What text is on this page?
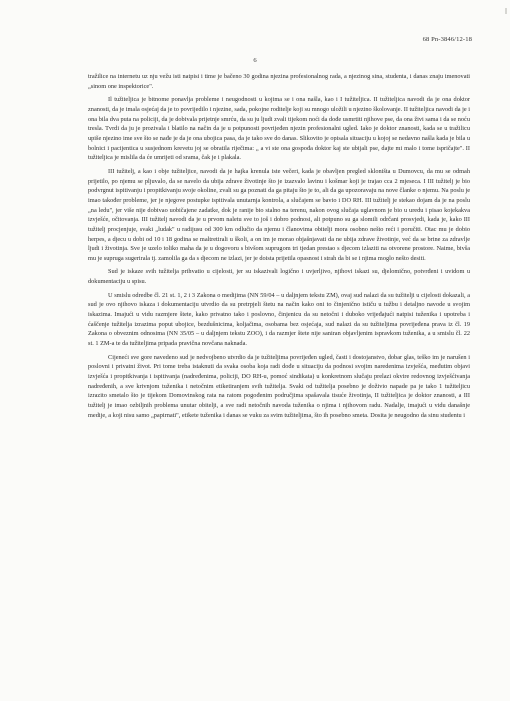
68 Pn-3846/12-18
6

tražilice na internetu uz nju vežu isti natpisi i time je bačeno 30 godina njezina profesionalnog rada, a njezinog sina, studenta, i danas znaju imenovati „sinom one inspektorice".

Il tužiteljica je bitnome ponavlja probleme i neugodnosti u kojima se i ona našla, kao i I tužiteljica. II tužiteljica navodi da je ona doktor znanosti, da je imala osjećaj da je to povrijedilo i njezine, sada, pokojne roditelje koji su mnogo uložili u njezino školovanje. II tužiteljica navodi da je i ona bila dva puta na policiji, da je dobivala prijetnje smrću, da su ju ljudi zvali tijekom noći da dođe usmrtiti njihove pse, da ona živi sama i da se noću tresla. Tvrdi da ju je prozivala i blatilo na način da je u potpunosti povrijeđen njezin profesionalni ugled. Iako je doktor znanosti, kada se u tražilicu upiše njezino ime sve što se nađe je da je ona ubojica pasa, da je tako sve do danas. Slikovito je opisala situaciju u kojoj se nedavno našla kada je bila u bolnici i pacijentica u susjednom krevetu joj se obratila riječima: „ a vi ste ona gospođa doktor kaj ste ubijali pse, dajte mi malo i tome ispričajte". II tužiteljica je mislila da će umrijeti od srama, čak je i plakala.

III tužitelj, a kao i obje tužiteljice, navodi da je hajka krenula iste večeri, kada je obavljen pregled skloništa u Dumovcu, da mu se odmah prijetilo, po njemu se pljuvalo, da se navelo da ubija zdrave životinje što je izazvalo lavinu i košmar koji je trajao cca 2 mjeseca. I III tužitelj je bio podvrgnut ispitivanju i propitkivanju svoje okoline, zvali su ga poznati da ga pitaju što je to, ali da ga upozoravaju na nove članke o njemu. Na poslu je imao također probleme, jer je njegove postupke ispitivala unutarnja kontrola, a slučajem se bavio i DO RH. III tužitelj je stekao dojam da je na poslu „na ledu", jer više nije dobivao uobičajene zadatke, dok je ranije bio stalno na terenu, nakon ovog slučaja uglavnom je bio u uredu i pisao kojekakva izvješće, očitovanja. III tužitelj navodi da je u prvom naletu sve to još i dobro podnosi, ali potpuno su ga slomili odrčani prosvjedi, kada je, kako III tužitelj procjenjuje, svaki „ludak" u radijusu od 300 km odlučio da njemu i članovima obitelji mora osobno nešto reći i poručiti. Otac mu je dobio herpes, a djecu u dobi od 10 i 18 godina se maltretirali u školi, a on im je morao objašnjavati da ne ubija zdrave životinje, već da se brine za zdravlje ljudi i životinja. Sve je uzelo toliko maha da je u dogovoru s bivšom suprugom tri tjedan prestao s djecom izlaziti na otvorene prostore. Naime, bivša mu je supruga sugerirala tj. zamolila ga da s djecom ne izlazi, jer je doista prijetila opasnost i strah da bi se i njima moglo nešto desiti.

Sud je iskaze svih tužitelja prihvatio u cijelosti, jer su iskazivali logično i uvjerljivo, njihovi iskazi su, djelomično, potvrđeni i uvidom u dokumentaciju u spisu.

U smislu odredbe čl. 21 st. 1, 2 i 3 Zakona o medijima (NN 59/04 – u daljnjem tekstu ZM), ovaj sud nalazi da su tužitelji u cijelosti dokazali, a sud je ovo njihovo iskaza i dokumentaciju utvrdio da su pretrpjeli štetu na način kako oni to činjenično ističu u tužbu i detaljno navode u svojim iskazima. Imajući u vidu razmjere štete, kako privatno tako i poslovno, činjenicu da su netočni i duboko vrijeđajući natpisi tuženika i upotreba i ćaščenje tužitelja izrazima poput ubojice, bezdušnicima, koljačima, osobama bez osjećaja, sud nalazi da su tužiteljima povrijeđena prava iz čl. 19 Zakona o obveznim odnosima (NN 35/05 – u daljnjem tekstu ZOO), i da razmjer štete nije saniran objavljenim ispravkom tuženika, a u smislu čl. 22 st. 1 ZM-a te da tužiteljima pripada pravična novčana naknada.

Cijeneći sve gore navedeno sud je nedvojbeno utvrdio da je tužiteljima povrijeđen ugled, časti i dostojanstvo, dobar glas, teško im je narušen i poslovni i privatni život. Pri tome treba istaknuti da svaka osoba koja radi dođe u situaciju da podnosi svojim naredenima izvješća, međutim objavi izvješća i propitkivanja i ispitivanja (nadređenima, policiji, DO RH-u, pomoć sindikata) u konkretnom slučaju prelazi okvire redovnog izvješćivanja nadređenih, a sve krivnjom tuženika i netočnim etiketiranjem svih tužitelja. Svaki od tužitelja posebno je doživio napade pa je tako 1 tužiteljicu izrazito smetalo što je tijekom Domovinskog rata na ratom pogođenim područjima spašavala tisuće životinja, II tužiteljica je doktor znanosti, a III tužitelj je imao ozbiljnih problema unutar obitelji, a sve radi netočnih navoda tuženika o njima i njihovom radu. Nadalje, imajući u vidu današnje medije, a koji nisu samo „papirnati", etikete tuženika i danas se vuku za svim tužiteljima, što ih posebno smeta. Dosita je neugodno da sinu studentu i
